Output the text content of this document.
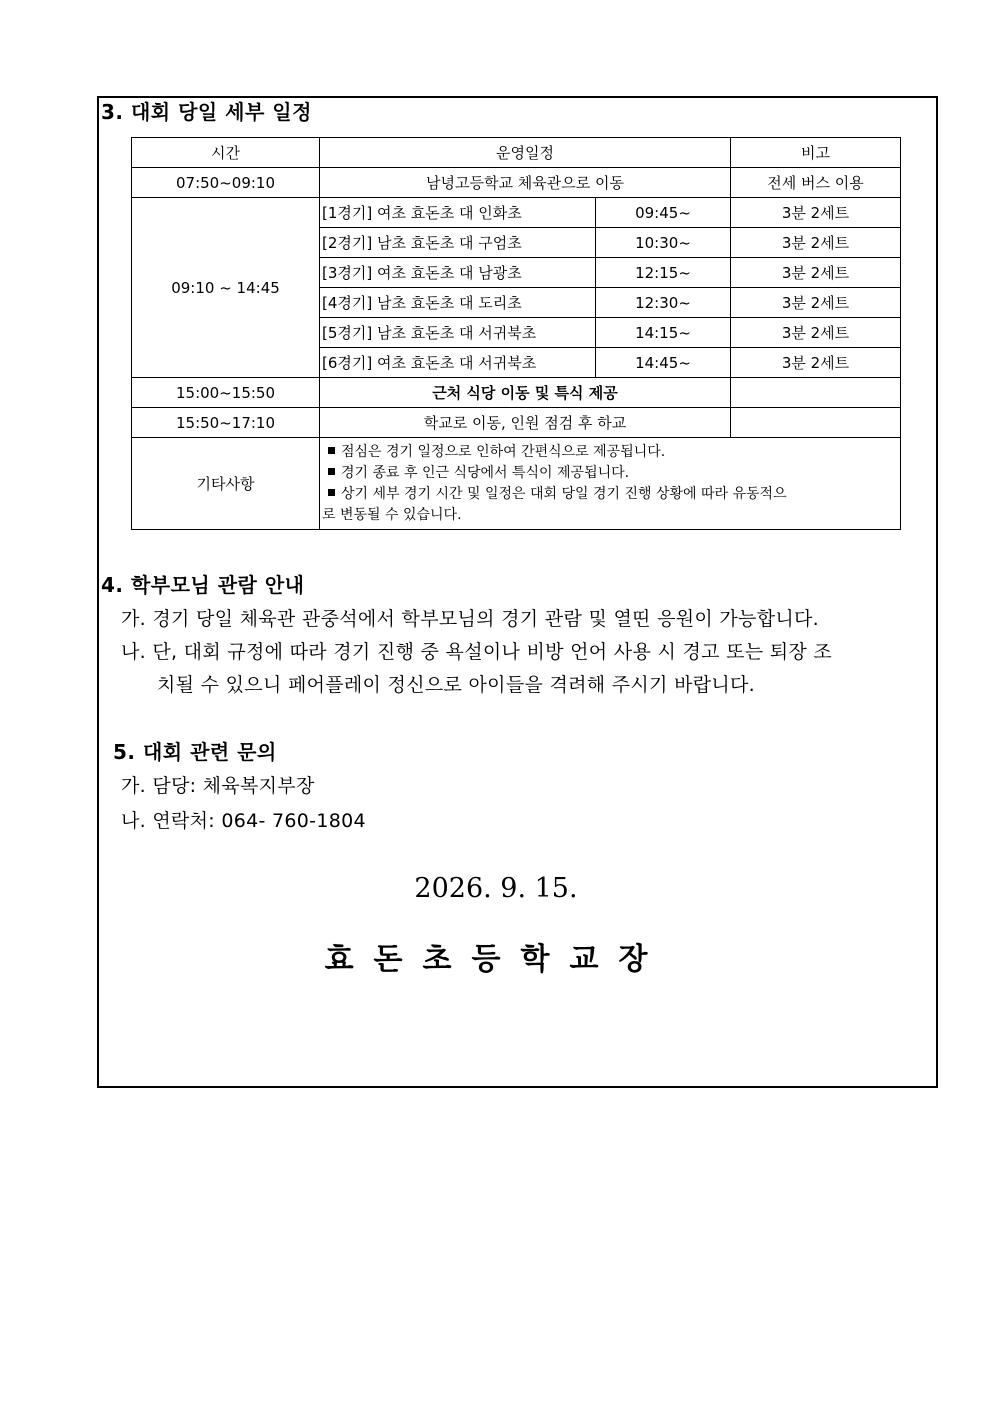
3. 대회 당일 세부 일정
시간	운영일정		비고
07:50~09:10	남녕고등학교 체육관으로 이동		전세 버스 이용
09:10 ~ 14:45	[1경기] 여초 효돈초 대 인화초	09:45~	3분 2세트
	[2경기] 남초 효돈초 대 구엄초	10:30~	3분 2세트
	[3경기] 여초 효돈초 대 남광초	12:15~	3분 2세트
	[4경기] 남초 효돈초 대 도리초	12:30~	3분 2세트
	[5경기] 남초 효돈초 대 서귀북초	14:15~	3분 2세트
	[6경기] 여초 효돈초 대 서귀북초	14:45~	3분 2세트
15:00~15:50	근처 식당 이동 및 특식 제공		
15:50~17:10	학교로 이동, 인원 점검 후 하교		
기타사항	점심은 경기 일정으로 인하여 간편식으로 제공됩니다.
경기 종료 후 인근 식당에서 특식이 제공됩니다.
상기 세부 경기 시간 및 일정은 대회 당일 경기 진행 상황에 따라 유동적으
로 변동될 수 있습니다.		
4. 학부모님 관람 안내
가. 경기 당일 체육관 관중석에서 학부모님의 경기 관람 및 열띤 응원이 가능합니다.
나. 단, 대회 규정에 따라 경기 진행 중 욕설이나 비방 언어 사용 시 경고 또는 퇴장 조
치될 수 있으니 페어플레이 정신으로 아이들을 격려해 주시기 바랍니다.
5. 대회 관련 문의
가. 담당: 체육복지부장
나. 연락처: 064- 760-1804
2026. 9. 15.
효돈초등학교장
